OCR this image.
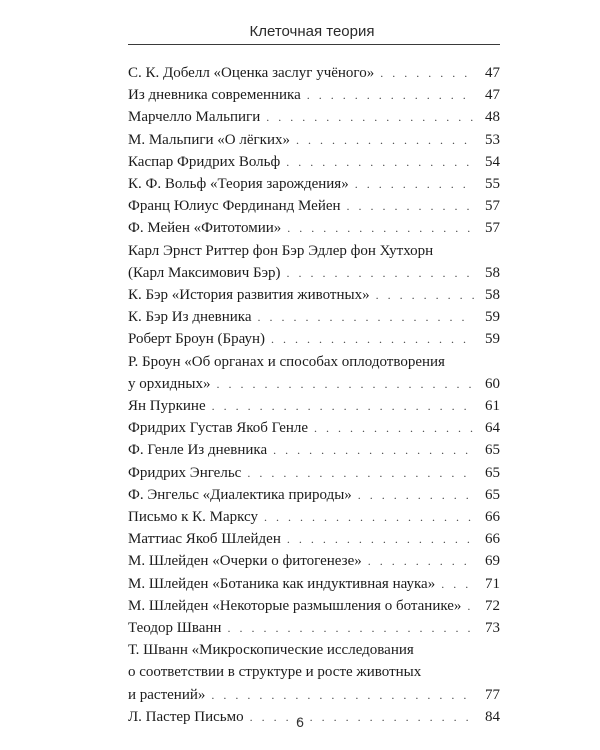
Клеточная теория
С. К. Добелл «Оценка заслуг учёного» . . .	47
Из дневника современника . . .	47
Марчелло Мальпиги . . .	48
М. Мальпиги «О лёгких» . . .	53
Каспар Фридрих Вольф . . .	54
К. Ф. Вольф «Теория зарождения» . . .	55
Франц Юлиус Фердинанд Мейен . . .	57
Ф. Мейен «Фитотомии» . . .	57
Карл Эрнст Риттер фон Бэр Эдлер фон Хутхорн
(Карл Максимович Бэр) . . .	58
К. Бэр «История развития животных» . . .	58
К. Бэр Из дневника . . .	59
Роберт Броун (Браун) . . .	59
Р. Броун «Об органах и способах оплодотворения
у орхидных» . . .	60
Ян Пуркине . . .	61
Фридрих Густав Якоб Генле . . .	64
Ф. Генле Из дневника . . .	65
Фридрих Энгельс . . .	65
Ф. Энгельс «Диалектика природы» . . .	65
Письмо к К. Марксу . . .	66
Маттиас Якоб Шлейден . . .	66
М. Шлейден «Очерки о фитогенезе» . . .	69
М. Шлейден «Ботаника как индуктивная наука» . . .	71
М. Шлейден «Некоторые размышления о ботанике» . . .	72
Теодор Шванн . . .	73
Т. Шванн «Микроскопические исследования
о соответствии в структуре и росте животных
и растений» . . .	77
Л. Пастер Письмо . . .	84
6
